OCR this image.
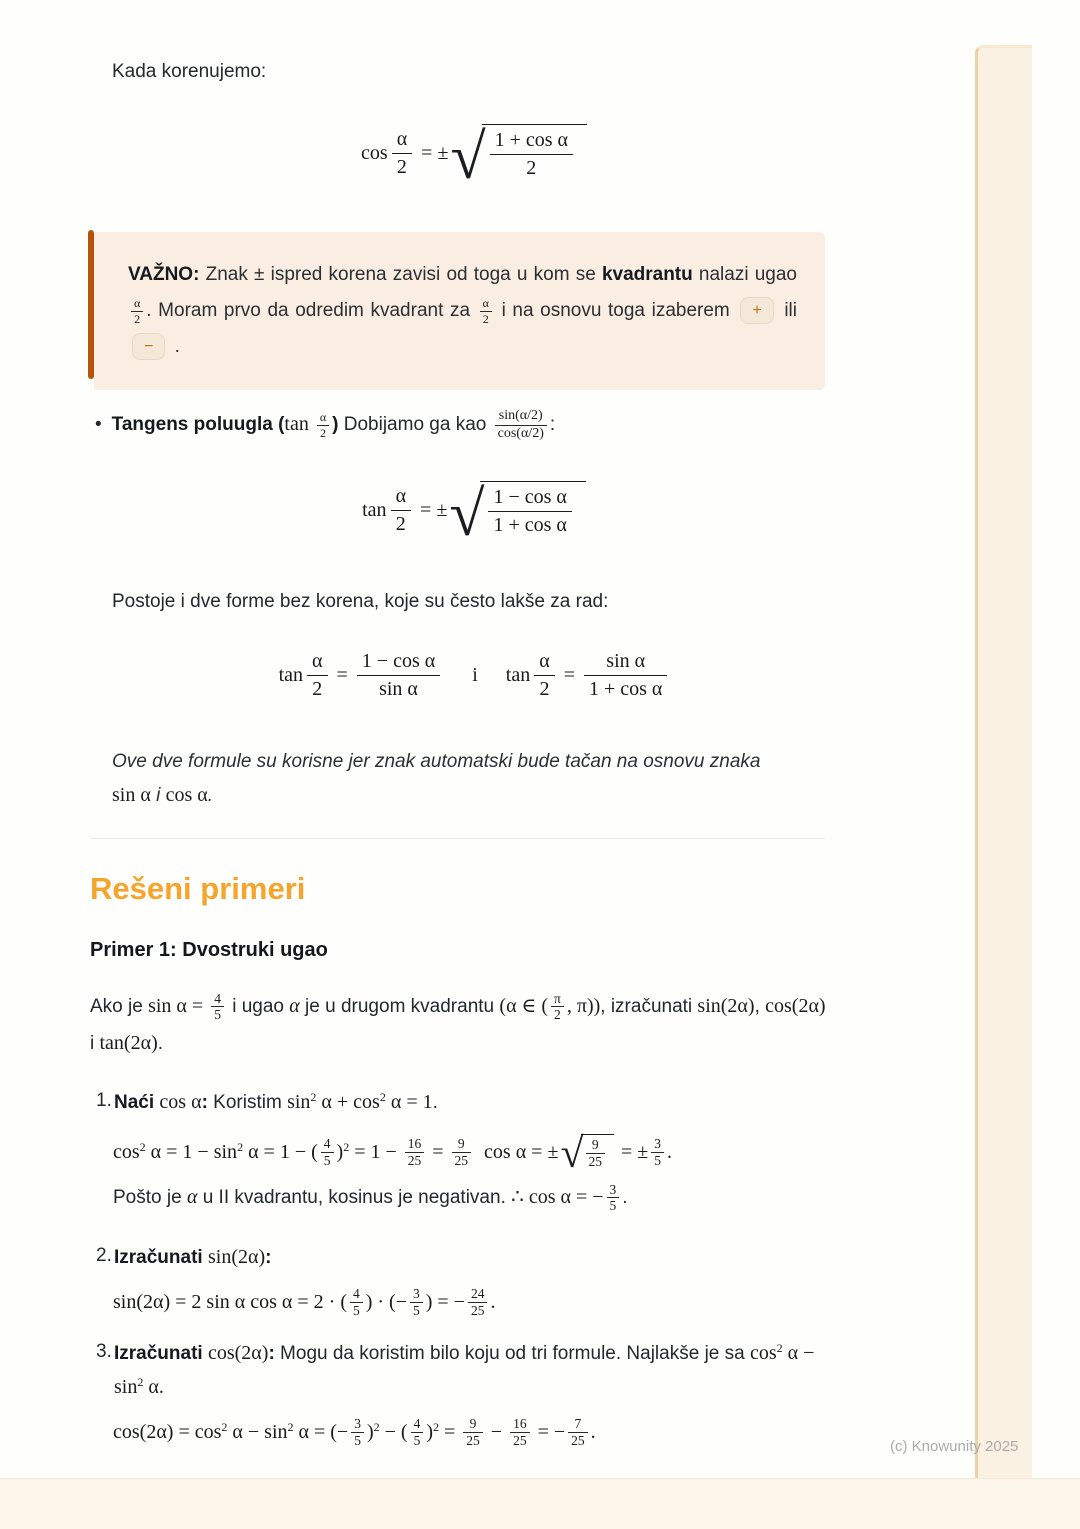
Kada korenujemo:
$\cos \frac{\alpha}{2}$ = ± √ 1 + cos α
2
VAŽNO: Znak ± ispred korena zavisi od toga u kom se kvadrantu nalazi ugao
$\frac{\alpha}{2}$ . Moram prvo da odredim kvadrant za $\frac{\alpha}{2}$ i na osnovu toga izaberem + ili − .
• Tangens poluugla ($\tan \frac{\alpha}{2}$ ) Dobijamo ga kao $\frac{\sin(\alpha/2)}{\cos(\alpha/2)}$ :
$\tan \frac{\alpha}{2}$ = ± √ 1 − cos α
1 + cos α
Postoje i dve forme bez korena, koje su često lakše za rad:
$\tan \frac{\alpha}{2} = \frac{\text{1 − cos α}}{\text{sin α}}$ i $\tan \frac{\alpha}{2} = \frac{\text{sin α}}{\text{1 + cos α}}$
Ove dve formule su korisne jer znak automatski bude tačan na osnovu znaka sin α i cos α.
Rešeni primeri
Primer 1: Dvostruki ugao
Ako je $\sin \alpha = \frac{4}{5}$ i ugao α je u drugom kvadrantu (α ∈ ( $\frac{\pi}{2}$ , π)), izračunati sin(2α), cos(2α) i tan(2α).
1. Naći cos α: Koristim $\sin^2 \alpha + \cos^2 \alpha = 1$.
$\cos^2 \alpha = 1 - \sin^2 \alpha = 1$ − ( 4
5 )$^2 = 1 - \frac{16}{25} = \frac{9}{25}$ cos α = ± √ 9
25 = ± $\frac{3}{5}$ .
Pošto je α u II kvadrantu, kosinus je negativan. ∴ cos α = − $\frac{3}{5}$ .
2. Izračunati sin(2α):
sin(2α) = 2 sin α cos α = 2 · ( 4
5 ) · (− $\frac{3}{5}$ ) = − $\frac{24}{25}$ .
3. Izračunati cos(2α): Mogu da koristim bilo koju od tri formule. Najlakše je sa $\cos^2 \alpha - \sin^2 \alpha$.
$\cos(2\alpha) = \cos^2 \alpha - \sin^2 \alpha$ = (− $\frac{3}{5} )^2$ − ( 4
5 )$^2 = \frac{9}{25} - \frac{16}{25}$ = − $\frac{7}{25}$ .
(c) Knowunity 2025
